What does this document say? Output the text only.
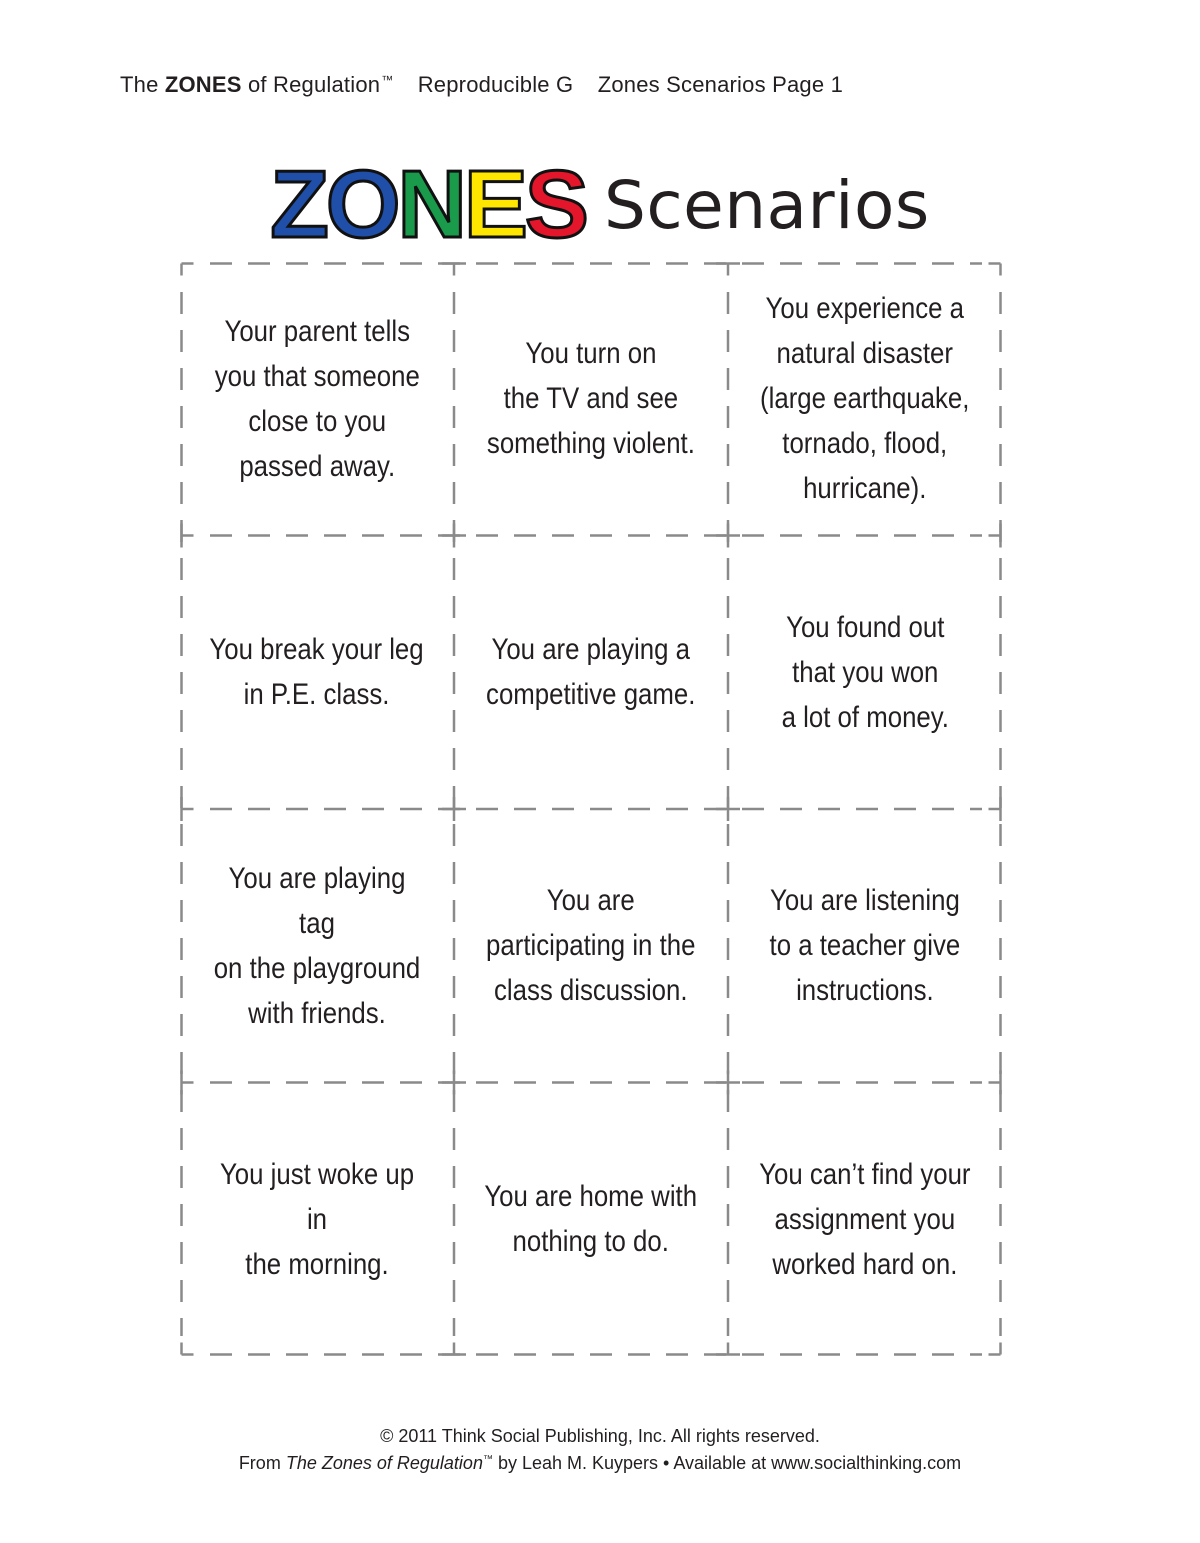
The ZONES of Regulation™ Reproducible G Zones Scenarios Page 1
ZONES Scenarios
Your parent tells
you that someone
close to you
passed away.
You turn on
the TV and see
something violent.
You experience a
natural disaster
(large earthquake,
tornado, flood,
hurricane).
You break your leg
in P.E. class.
You are playing a
competitive game.
You found out
that you won
a lot of money.
You are playing tag
on the playground
with friends.
You are
participating in the
class discussion.
You are listening
to a teacher give
instructions.
You just woke up in
the morning.
You are home with
nothing to do.
You can’t find your
assignment you
worked hard on.
© 2011 Think Social Publishing, Inc. All rights reserved.
From The Zones of Regulation™ by Leah M. Kuypers • Available at www.socialthinking.com
